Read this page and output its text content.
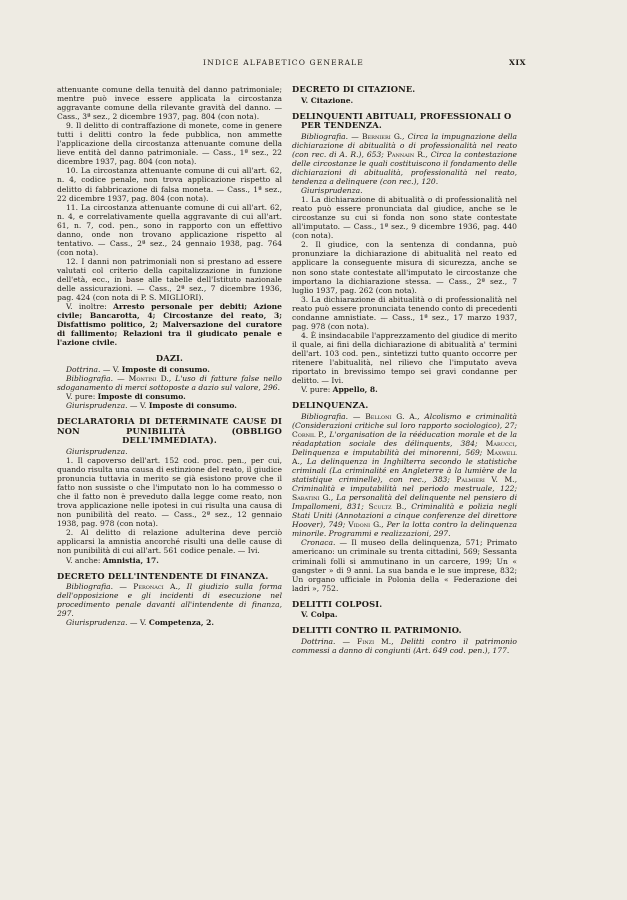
INDICE ALFABETICO GENERALE	XIX

attenuante comune della tenuità del danno patrimoniale; mentre può invece essere applicata la circostanza aggravante comune della rilevante gravità del danno. — Cass., 3ª sez., 2 dicembre 1937, pag. 804 (con nota).

9. Il delitto di contraffazione di monete, come in genere tutti i delitti contro la fede pubblica, non ammette l'applicazione della circostanza attenuante comune della lieve entità del danno patrimoniale. — Cass., 1ª sez., 22 dicembre 1937, pag. 804 (con nota).

10. La circostanza attenuante comune di cui all'art. 62, n. 4, codice penale, non trova applicazione rispetto al delitto di fabbricazione di falsa moneta. — Cass., 1ª sez., 22 dicembre 1937, pag. 804 (con nota).

11. La circostanza attenuante comune di cui all'art. 62, n. 4, e correlativamente quella aggravante di cui all'art. 61, n. 7, cod. pen., sono in rapporto con un effettivo danno, onde non trovano applicazione rispetto al tentativo. — Cass., 2ª sez., 24 gennaio 1938, pag. 764 (con nota).

12. I danni non patrimoniali non si prestano ad essere valutati col criterio della capitalizzazione in funzione dell'età, ecc., in base alle tabelle dell'Istituto nazionale delle assicurazioni. — Cass., 2ª sez., 7 dicembre 1936, pag. 424 (con nota di P. S. MIGLIORI).

V. inoltre: Arresto personale per debiti; Azione civile; Bancarotta, 4; Circostanze del reato, 3; Disfattismo politico, 2; Malversazione del curatore di fallimento; Relazioni tra il giudicato penale e l'azione civile.

DAZI.

Dottrina. — V. Imposte di consumo.

Bibliografia. — Montini D., L'uso di fatture false nello sdoganamento di merci sottoposte a dazio sul valore, 296.

V. pure: Imposte di consumo.

Giurisprudenza. — V. Imposte di consumo.

DECLARATORIA DI DETERMINATE CAUSE DI NON PUNIBILITÀ (OBBLIGO DELL'IMMEDIATA).

Giurisprudenza.

1. Il capoverso dell'art. 152 cod. proc. pen., per cui, quando risulta una causa di estinzione del reato, il giudice pronuncia tuttavia in merito se già esistono prove che il fatto non sussiste o che l'imputato non lo ha commesso o che il fatto non è preveduto dalla legge come reato, non trova applicazione nelle ipotesi in cui risulta una causa di non punibilità del reato. — Cass., 2ª sez., 12 gennaio 1938, pag. 978 (con nota).

2. Al delitto di relazione adulterina deve perciò applicarsi la amnistia ancorché risulti una delle cause di non punibilità di cui all'art. 561 codice penale. — Ivi.

V. anche: Amnistia, 17.

DECRETO DELL'INTENDENTE DI FINANZA.

Bibliografia. — Peronaci A., Il giudizio sulla forma dell'opposizione e gli incidenti di esecuzione nel procedimento penale davanti all'intendente di finanza, 297.

Giurisprudenza. — V. Competenza, 2.

DECRETO DI CITAZIONE.

V. Citazione.

DELINQUENTI ABITUALI, PROFESSIONALI O PER TENDENZA.

Bibliografia. — Bernieri G., Circa la impugnazione della dichiarazione di abitualità o di professionalità nel reato (con rec. di A. R.), 653; Pannain R., Circa la contestazione delle circostanze le quali costituiscono il fondamento delle dichiarazioni di abitualità, professionalità nel reato, tendenza a delinquere (con rec.), 120.

Giurisprudenza.

1. La dichiarazione di abitualità o di professionalità nel reato può essere pronunciata dal giudice, anche se le circostanze su cui si fonda non sono state contestate all'imputato. — Cass., 1ª sez., 9 dicembre 1936, pag. 440 (con nota).

2. Il giudice, con la sentenza di condanna, può pronunziare la dichiarazione di abitualità nel reato ed applicare la conseguente misura di sicurezza, anche se non sono state contestate all'imputato le circostanze che importano la dichiarazione stessa. — Cass., 2ª sez., 7 luglio 1937, pag. 262 (con nota).

3. La dichiarazione di abitualità o di professionalità nel reato può essere pronunciata tenendo conto di precedenti condanne amnistiate. — Cass., 1ª sez., 17 marzo 1937, pag. 978 (con nota).

4. È insindacabile l'apprezzamento del giudice di merito il quale, ai fini della dichiarazione di abitualità a' termini dell'art. 103 cod. pen., sintetizzi tutto quanto occorre per ritenere l'abitualità, nel rilievo che l'imputato aveva riportato in brevissimo tempo sei gravi condanne per delitto. — Ivi.

V. pure: Appello, 8.

DELINQUENZA.

Bibliografia. — Belloni G. A., Alcolismo e criminalità (Considerazioni critiche sul loro rapporto sociologico), 27; Cornil P., L'organisation de la rééducation morale et de la réadaptation sociale des délinquents, 384; Marucci, Delinquenza e imputabilità dei minorenni, 569; Maxwell A., La delinquenza in Inghilterra secondo le statistiche criminali (La criminalité en Angleterre à la lumière de la statistique criminelle), con rec., 383; Palmieri V. M., Criminalità e imputabilità nel periodo mestruale, 122; Sabatini G., La personalità del delinquente nel pensiero di Impallomeni, 831; Scultz B., Criminalità e polizia negli Stati Uniti (Annotazioni a cinque conferenze del direttore Hoover), 749; Vidoni G., Per la lotta contro la delinquenza minorile. Programmi e realizzazioni, 297.

Cronaca. — Il museo della delinquenza, 571; Primato americano: un criminale su trenta cittadini, 569; Sessanta criminali folli si ammutinano in un carcere, 199; Un « gangster » di 9 anni. La sua banda e le sue imprese, 832; Un organo ufficiale in Polonia della « Federazione dei ladri », 752.

DELITTI COLPOSI.

V. Colpa.

DELITTI CONTRO IL PATRIMONIO.

Dottrina. — Finzi M., Delitti contro il patrimonio commessi a danno di congiunti (Art. 649 cod. pen.), 177.
